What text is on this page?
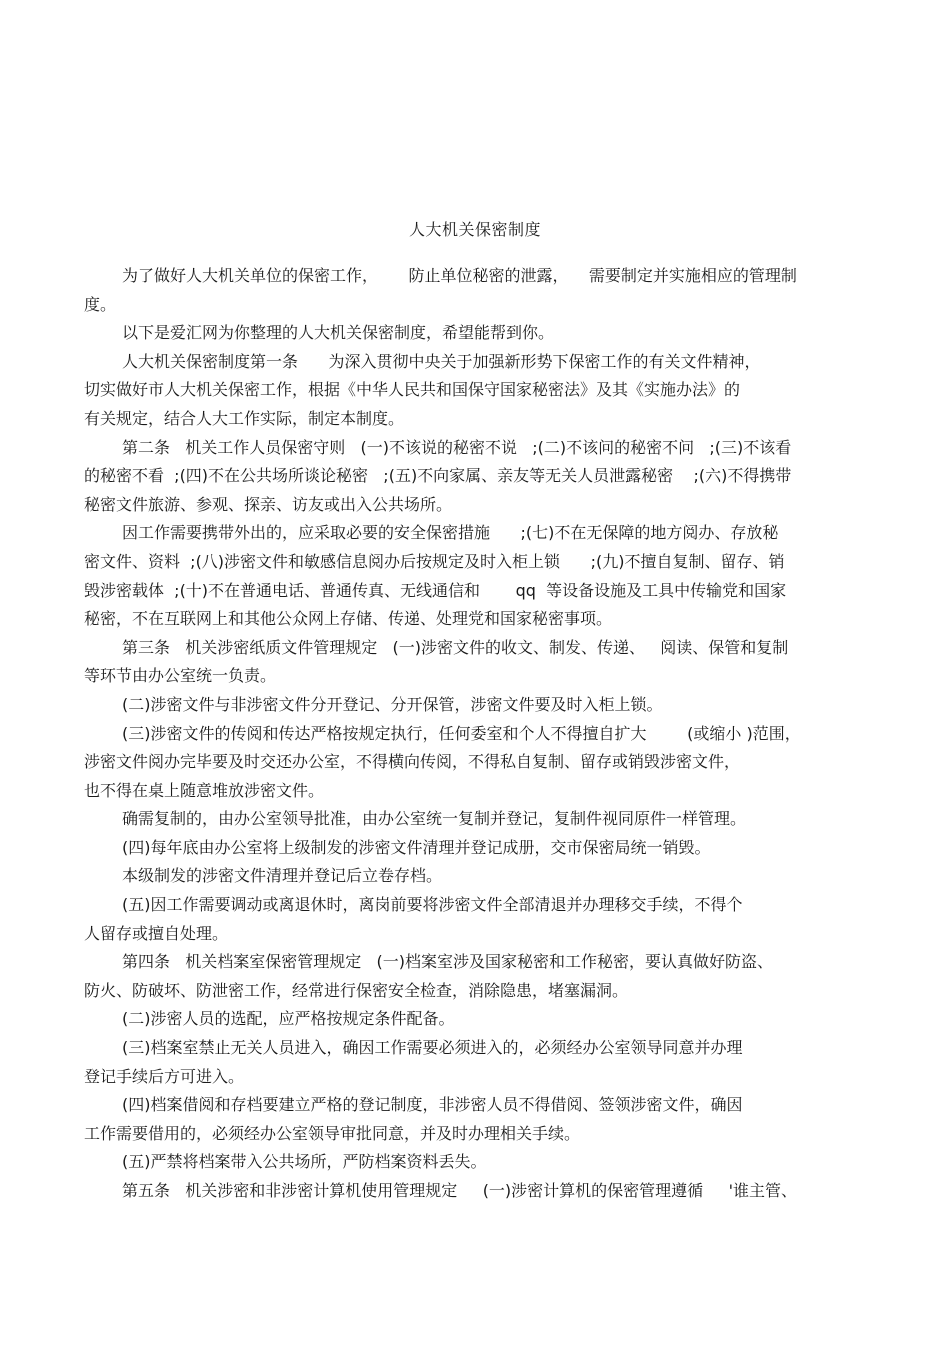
人大机关保密制度
为了做好人大机关单位的保密工作，      防止单位秘密的泄露，    需要制定并实施相应的管理制
度。
以下是爱汇网为你整理的人大机关保密制度，希望能帮到你。
人大机关保密制度第一条      为深入贯彻中央关于加强新形势下保密工作的有关文件精神，
切实做好市人大机关保密工作，根据《中华人民共和国保守国家秘密法》及其《实施办法》的
有关规定，结合人大工作实际，制定本制度。
第二条   机关工作人员保密守则   (一)不该说的秘密不说   ;(二)不该问的秘密不问   ;(三)不该看
的秘密不看  ;(四)不在公共场所谈论秘密   ;(五)不向家属、亲友等无关人员泄露秘密    ;(六)不得携带
秘密文件旅游、参观、探亲、访友或出入公共场所。
因工作需要携带外出的，应采取必要的安全保密措施      ;(七)不在无保障的地方阅办、存放秘
密文件、资料  ;(八)涉密文件和敏感信息阅办后按规定及时入柜上锁      ;(九)不擅自复制、留存、销
毁涉密载体  ;(十)不在普通电话、普通传真、无线通信和       qq  等设备设施及工具中传输党和国家
秘密，不在互联网上和其他公众网上存储、传递、处理党和国家秘密事项。
第三条   机关涉密纸质文件管理规定   (一)涉密文件的收文、制发、传递、   阅读、保管和复制
等环节由办公室统一负责。
(二)涉密文件与非涉密文件分开登记、分开保管，涉密文件要及时入柜上锁。
(三)涉密文件的传阅和传达严格按规定执行，任何委室和个人不得擅自扩大        (或缩小 )范围，
涉密文件阅办完毕要及时交还办公室，不得横向传阅，不得私自复制、留存或销毁涉密文件，
也不得在桌上随意堆放涉密文件。
确需复制的，由办公室领导批准，由办公室统一复制并登记，复制件视同原件一样管理。
(四)每年底由办公室将上级制发的涉密文件清理并登记成册，交市保密局统一销毁。
本级制发的涉密文件清理并登记后立卷存档。
(五)因工作需要调动或离退休时，离岗前要将涉密文件全部清退并办理移交手续，不得个
人留存或擅自处理。
第四条   机关档案室保密管理规定   (一)档案室涉及国家秘密和工作秘密，要认真做好防盗、
防火、防破坏、防泄密工作，经常进行保密安全检查，消除隐患，堵塞漏洞。
(二)涉密人员的选配，应严格按规定条件配备。
(三)档案室禁止无关人员进入，确因工作需要必须进入的，必须经办公室领导同意并办理
登记手续后方可进入。
(四)档案借阅和存档要建立严格的登记制度，非涉密人员不得借阅、签领涉密文件，确因
工作需要借用的，必须经办公室领导审批同意，并及时办理相关手续。
(五)严禁将档案带入公共场所，严防档案资料丢失。
第五条   机关涉密和非涉密计算机使用管理规定     (一)涉密计算机的保密管理遵循     '谁主管、
